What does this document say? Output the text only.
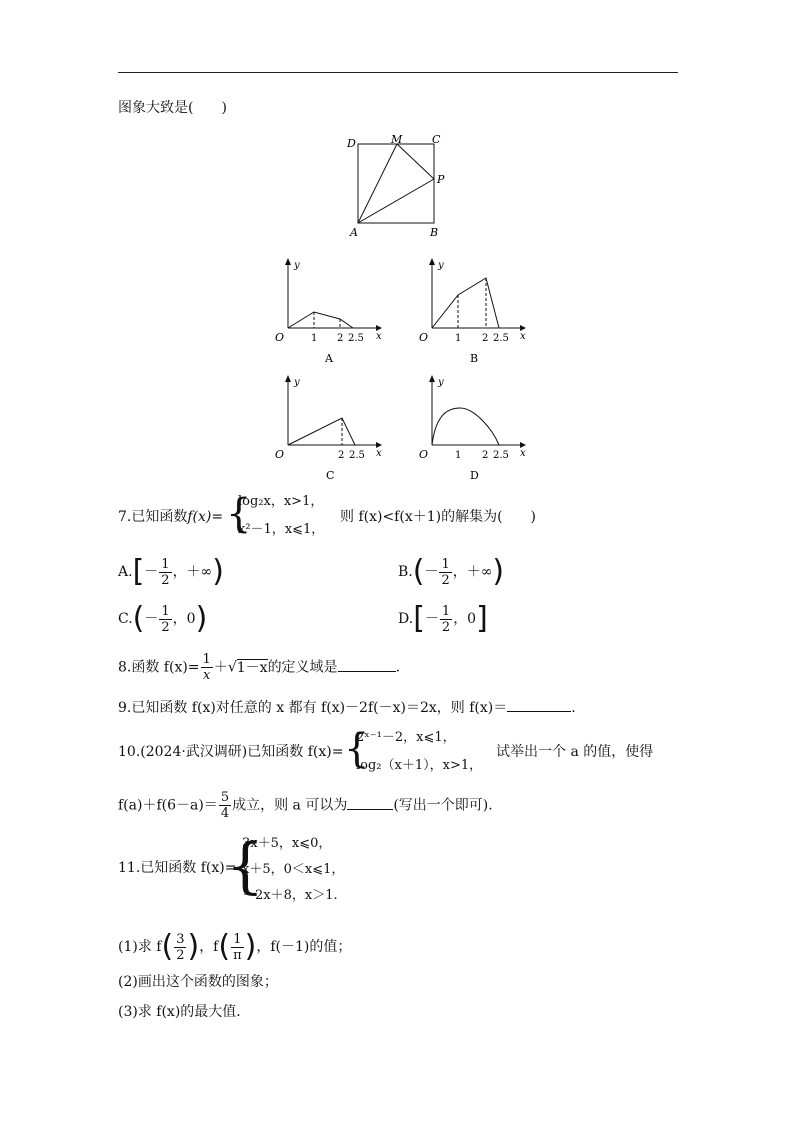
图象大致是(　　)
D	M	C
P
A	B
y
x
O	1 2 2.5
A
y
x
O	1 2 2.5
B
y
x
O	2 2.5
C
y
x
O	1 2 2.5
D
7.已知函数f(x)= {
log₂x，x>1，
x²－1，x⩽1，
则 f(x)<f(x＋1)的解集为(　　)
$A.[- \frac{1}{2}$ ，＋∞)	$B.(- \frac{1}{2}$ ，＋∞)
$C.(- \frac{1}{2}$ ，0)	$D.[- \frac{1}{2}$ ，0]
8.函数 $f(x)= \frac{1}{x} +√1-x$的定义域是	.
9.已知函数 f(x)对任意的 x 都有 f(x)－2f(－x)＝2x，则 f(x)＝	.
10.(2024·武汉调研)已知函数 f(x)= {
2ˣ⁻¹－2，x⩽1，
log₂（x＋1），x>1，
试举出一个 a 的值，使得
$f(a)+f(6-a)= \frac{5}{4}$ 成立，则 a 可以为	(写出一个即可).
11.已知函数 f(x)=
{
3x＋5，x⩽0，
x＋5，0＜x⩽1，
－2x＋8，x＞1.
(1)求 $f( \frac{3}{2}$ )，$f( \frac{1}{\pi}$ )，f(－1)的值；
(2)画出这个函数的图象；
(3)求 f(x)的最大值.
